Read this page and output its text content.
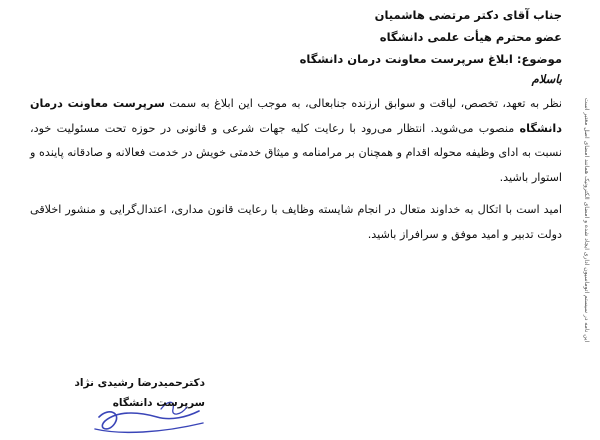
جناب آقای دکتر مرتضی هاشمیان
عضو محترم هیأت علمی دانشگاه
موضوع: ابلاغ سرپرست معاونت درمان دانشگاه
باسلام

نظر به تعهد، تخصص، لیاقت و سوابق ارزنده جنابعالی، به موجب این ابلاغ به سمت سرپرست معاونت درمان دانشگاه منصوب می‌شوید. انتظار می‌رود با رعایت کلیه جهات شرعی و قانونی در حوزه تحت مسئولیت خود، نسبت به ادای وظیفه محوله اقدام و همچنان بر مرامنامه و میثاق خدمتی خویش در خدمت فعالانه و صادقانه پاینده و استوار باشید.

امید است با اتکال به خداوند متعال در انجام شایسته وظایف با رعایت قانون مداری، اعتدال‌گرایی و منشور اخلاقی دولت تدبیر و امید موفق و سرافراز باشید.

دکترحمیدرضا رشیدی نژاد
سرپرست دانشگاه
این نامه در سیستم اتوماسیون اداری ایجاد شده و امضای الکترونیک همانند امضای اصل معتبر است
